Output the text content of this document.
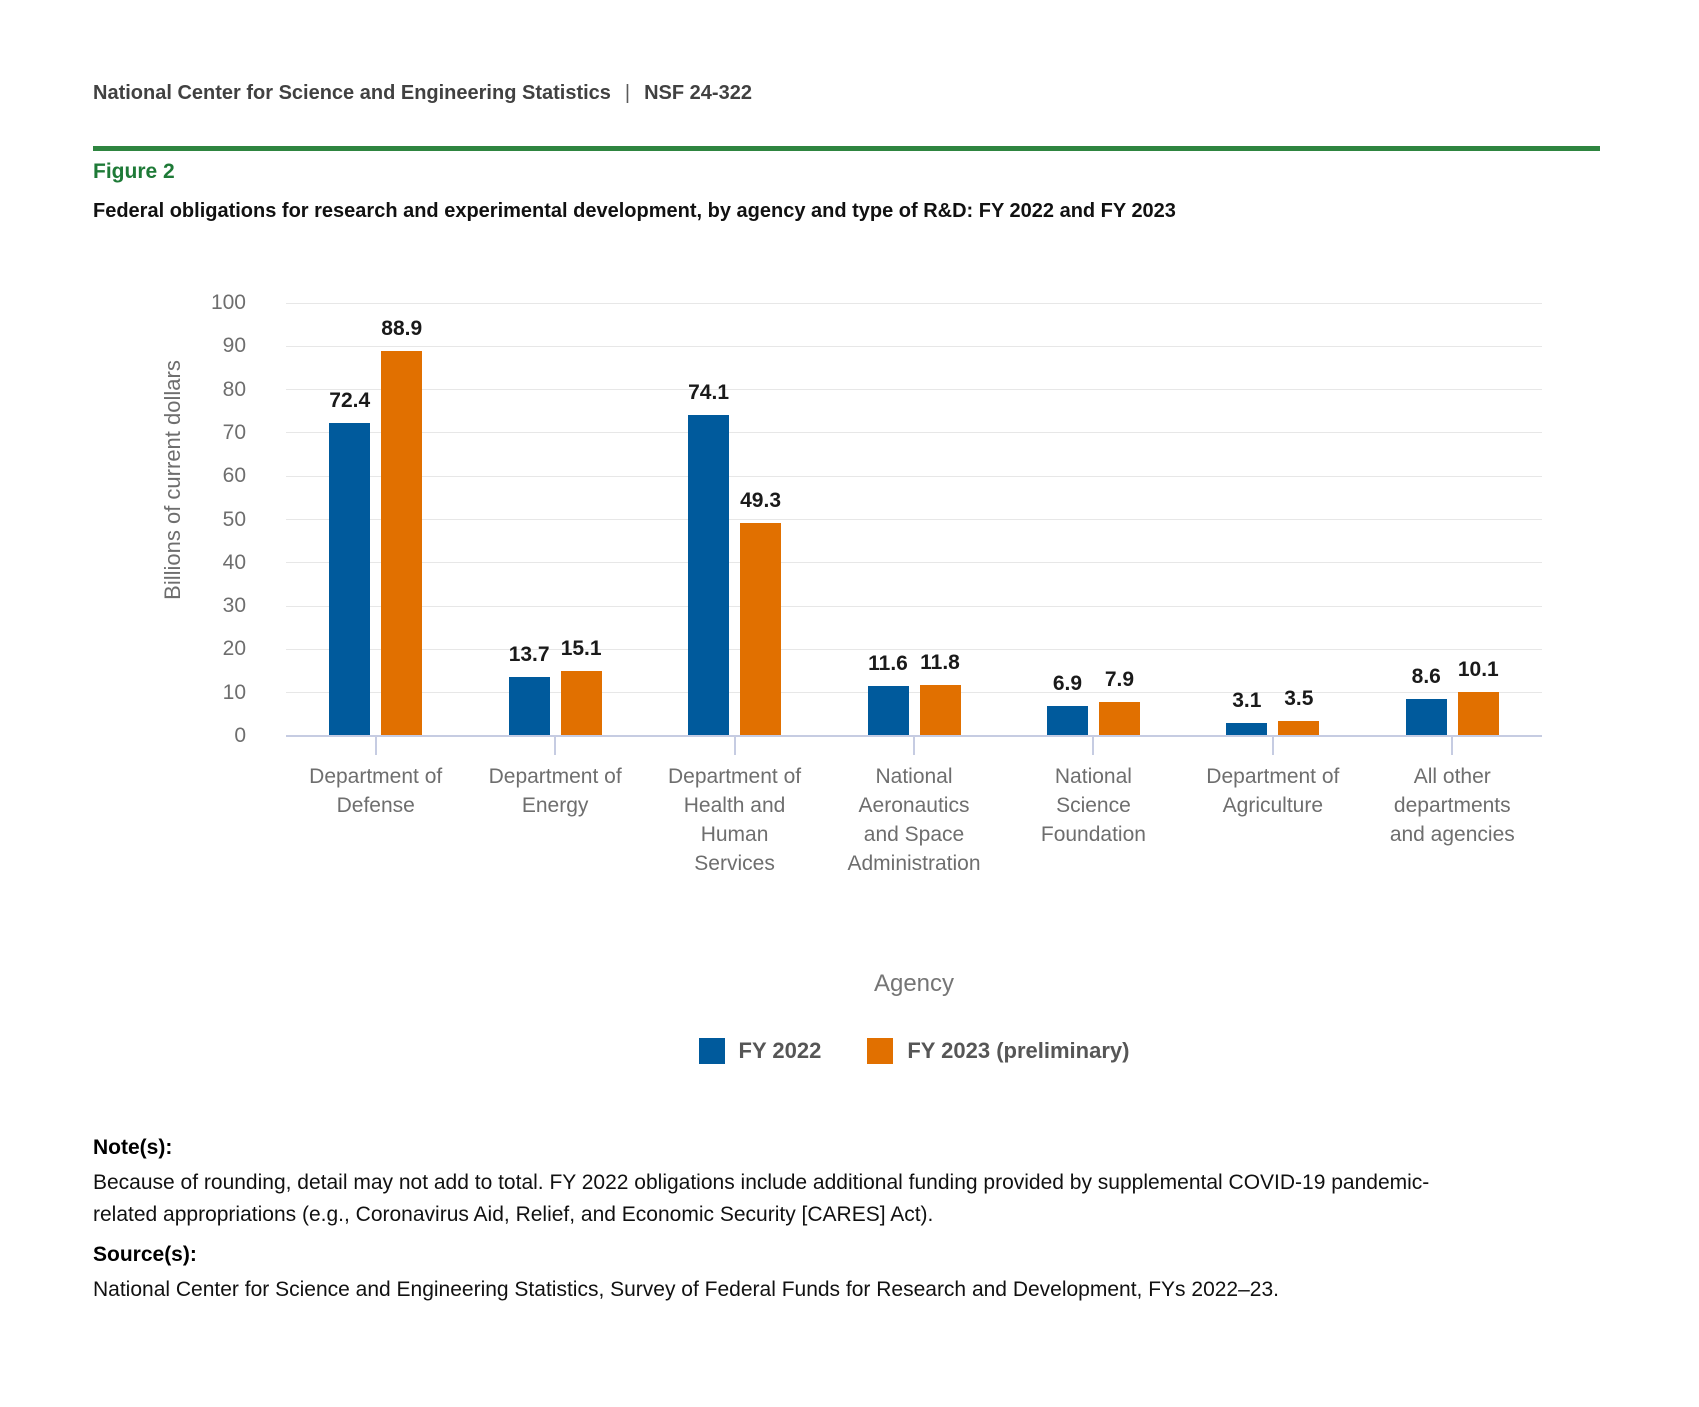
National Center for Science and Engineering Statistics | NSF 24-322
Figure 2
Federal obligations for research and experimental development, by agency and type of R&D: FY 2022 and FY 2023
Billions of current dollars
0
10
20
30
40
50
60
70
80
90
100
Department of
Defense
72.4
88.9
Department of
Energy
13.7 15.1
Department of
Health and
Human
Services
74.1
49.3
National
Aeronautics
and Space
Administration
11.6 11.8
National
Science
Foundation
6.9	7.9
Department of
Agriculture
3.1	3.5
All other
departments
and agencies
8.6 10.1
Agency
FY 2022	FY 2023 (preliminary)
Note(s):
Because of rounding, detail may not add to total. FY 2022 obligations include additional funding provided by supplemental COVID-19 pandemic-related appropriations (e.g., Coronavirus Aid, Relief, and Economic Security [CARES] Act).
Source(s):
National Center for Science and Engineering Statistics, Survey of Federal Funds for Research and Development, FYs 2022–23.
